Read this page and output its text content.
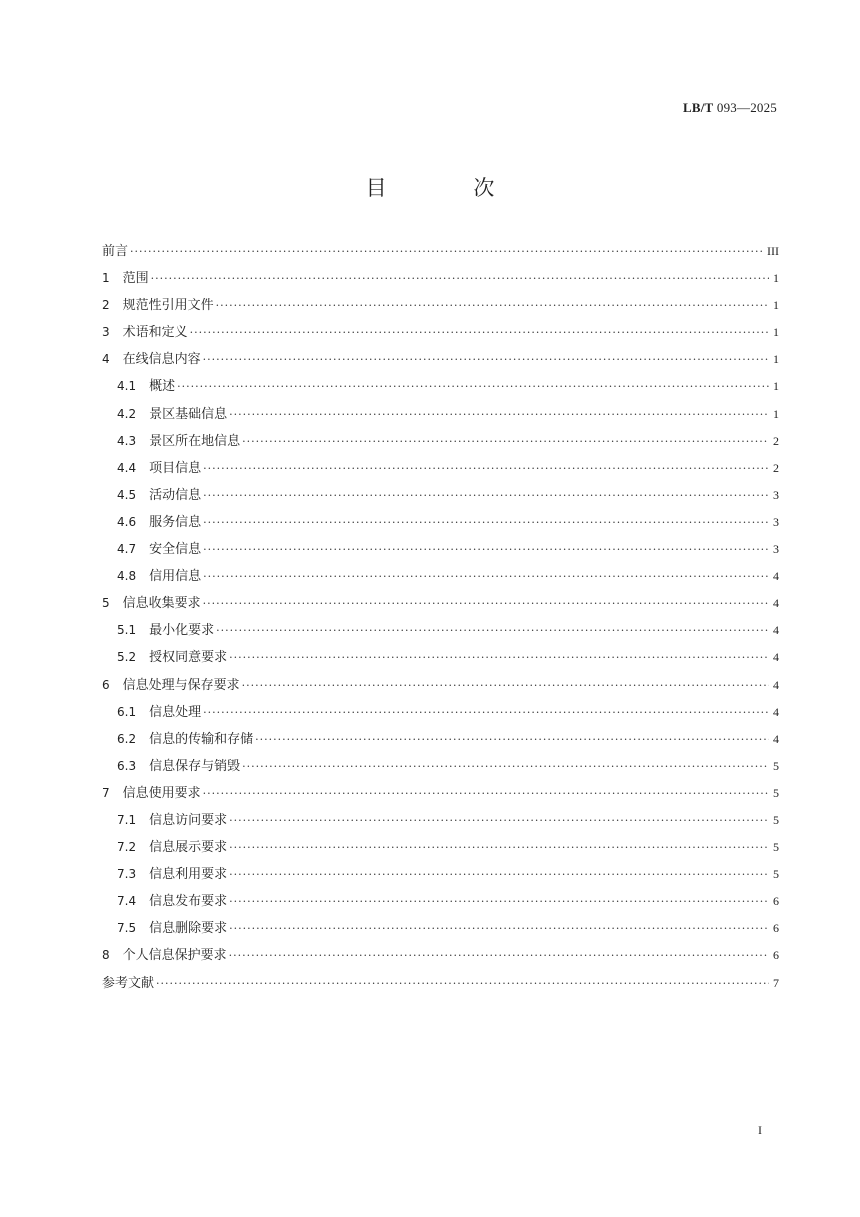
LB/T 093—2025
目 次
前言 ·····	III
1 范围 ·····	1
2 规范性引用文件 ·····	1
3 术语和定义 ·····	1
4 在线信息内容 ·····	1
4.1 概述 ·····	1
4.2 景区基础信息 ·····	1
4.3 景区所在地信息 ·····	2
4.4 项目信息 ·····	2
4.5 活动信息 ·····	3
4.6 服务信息 ·····	3
4.7 安全信息 ·····	3
4.8 信用信息 ·····	4
5 信息收集要求 ·····	4
5.1 最小化要求 ·····	4
5.2 授权同意要求 ·····	4
6 信息处理与保存要求 ·····	4
6.1 信息处理 ·····	4
6.2 信息的传输和存储 ·····	4
6.3 信息保存与销毁 ·····	5
7 信息使用要求 ·····	5
7.1 信息访问要求 ·····	5
7.2 信息展示要求 ·····	5
7.3 信息利用要求 ·····	5
7.4 信息发布要求 ·····	6
7.5 信息删除要求 ·····	6
8 个人信息保护要求 ·····	6
参考文献 ·····	7
I
